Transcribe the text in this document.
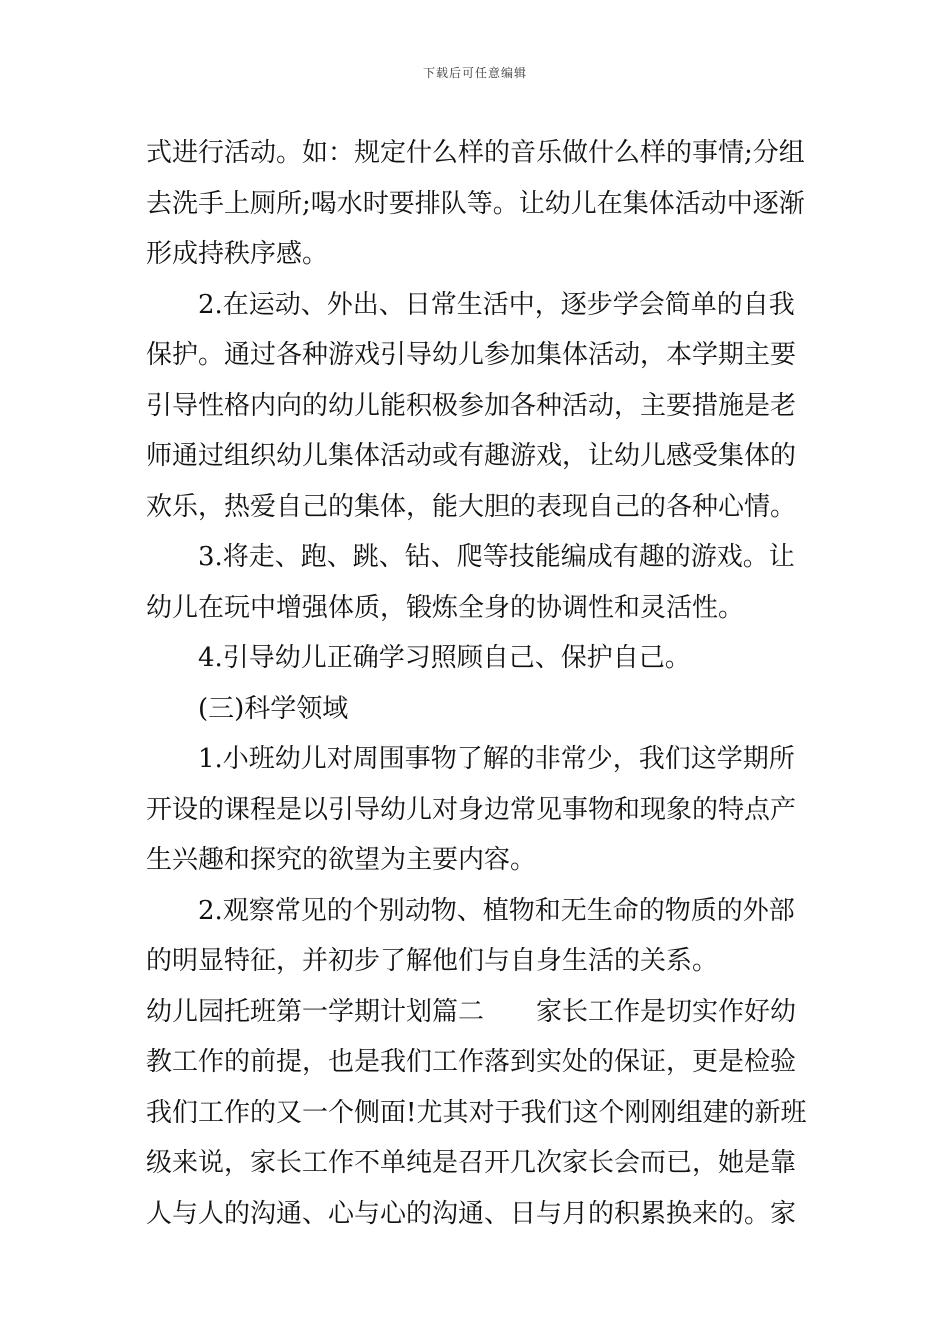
下载后可任意编辑
式进行活动。如：规定什么样的音乐做什么样的事情;分组
去洗手上厕所;喝水时要排队等。让幼儿在集体活动中逐渐
形成持秩序感。
2.在运动、外出、日常生活中，逐步学会简单的自我
保护。通过各种游戏引导幼儿参加集体活动，本学期主要
引导性格内向的幼儿能积极参加各种活动，主要措施是老
师通过组织幼儿集体活动或有趣游戏，让幼儿感受集体的
欢乐，热爱自己的集体，能大胆的表现自己的各种心情。
3.将走、跑、跳、钻、爬等技能编成有趣的游戏。让
幼儿在玩中增强体质，锻炼全身的协调性和灵活性。
4.引导幼儿正确学习照顾自己、保护自己。
(三)科学领域
1.小班幼儿对周围事物了解的非常少，我们这学期所
开设的课程是以引导幼儿对身边常见事物和现象的特点产
生兴趣和探究的欲望为主要内容。
2.观察常见的个别动物、植物和无生命的物质的外部
的明显特征，并初步了解他们与自身生活的关系。
幼儿园托班第一学期计划篇二　　家长工作是切实作好幼
教工作的前提，也是我们工作落到实处的保证，更是检验
我们工作的又一个侧面!尤其对于我们这个刚刚组建的新班
级来说，家长工作不单纯是召开几次家长会而已，她是靠
人与人的沟通、心与心的沟通、日与月的积累换来的。家
